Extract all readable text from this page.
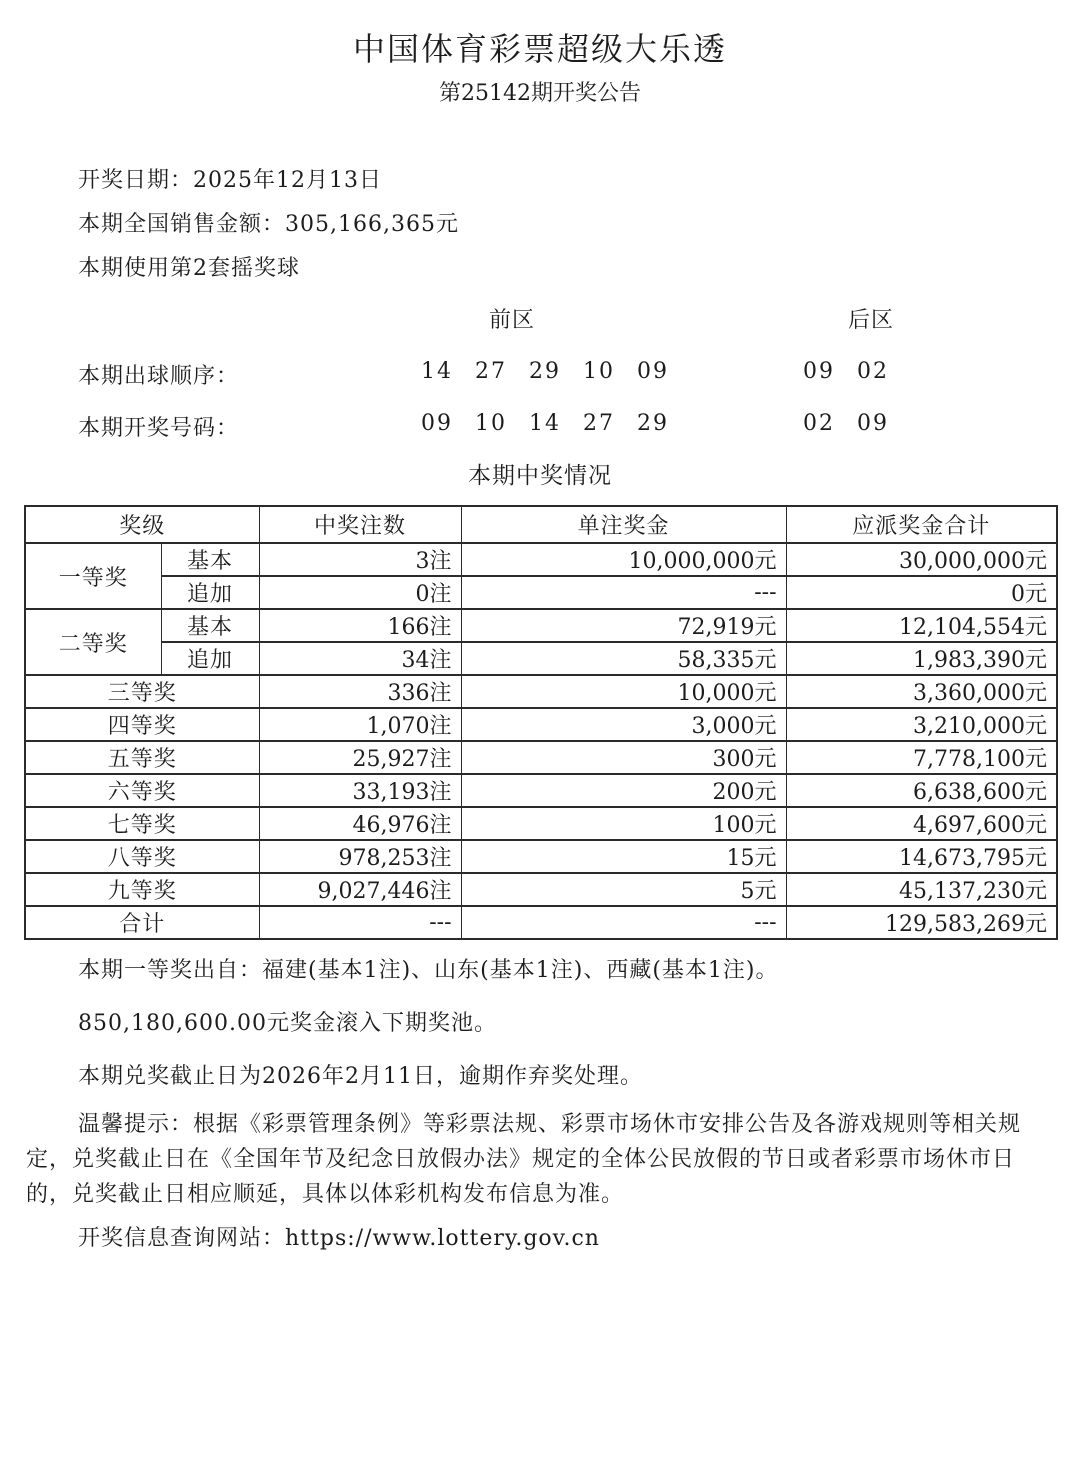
中国体育彩票超级大乐透
第25142期开奖公告
开奖日期：2025年12月13日
本期全国销售金额：305,166,365元
本期使用第2套摇奖球
前区	后区
本期出球顺序：	14 27 29 10 09	09 02
本期开奖号码：	09 10 14 27 29	02 09
本期中奖情况
奖级		中奖注数	单注奖金	应派奖金合计
一等奖	基本	3注	10,000,000元	30,000,000元
	追加	0注	---	0元
二等奖	基本	166注	72,919元	12,104,554元
	追加	34注	58,335元	1,983,390元
三等奖		336注	10,000元	3,360,000元
四等奖		1,070注	3,000元	3,210,000元
五等奖		25,927注	300元	7,778,100元
六等奖		33,193注	200元	6,638,600元
七等奖		46,976注	100元	4,697,600元
八等奖		978,253注	15元	14,673,795元
九等奖		9,027,446注	5元	45,137,230元
合计		---	---	129,583,269元

本期一等奖出自：福建(基本1注)、山东(基本1注)、西藏(基本1注)。

850,180,600.00元奖金滚入下期奖池。

本期兑奖截止日为2026年2月11日，逾期作弃奖处理。

温馨提示：根据《彩票管理条例》等彩票法规、彩票市场休市安排公告及各游戏规则等相关规定，兑奖截止日在《全国年节及纪念日放假办法》规定的全体公民放假的节日或者彩票市场休市日的，兑奖截止日相应顺延，具体以体彩机构发布信息为准。

开奖信息查询网站：https://www.lottery.gov.cn
